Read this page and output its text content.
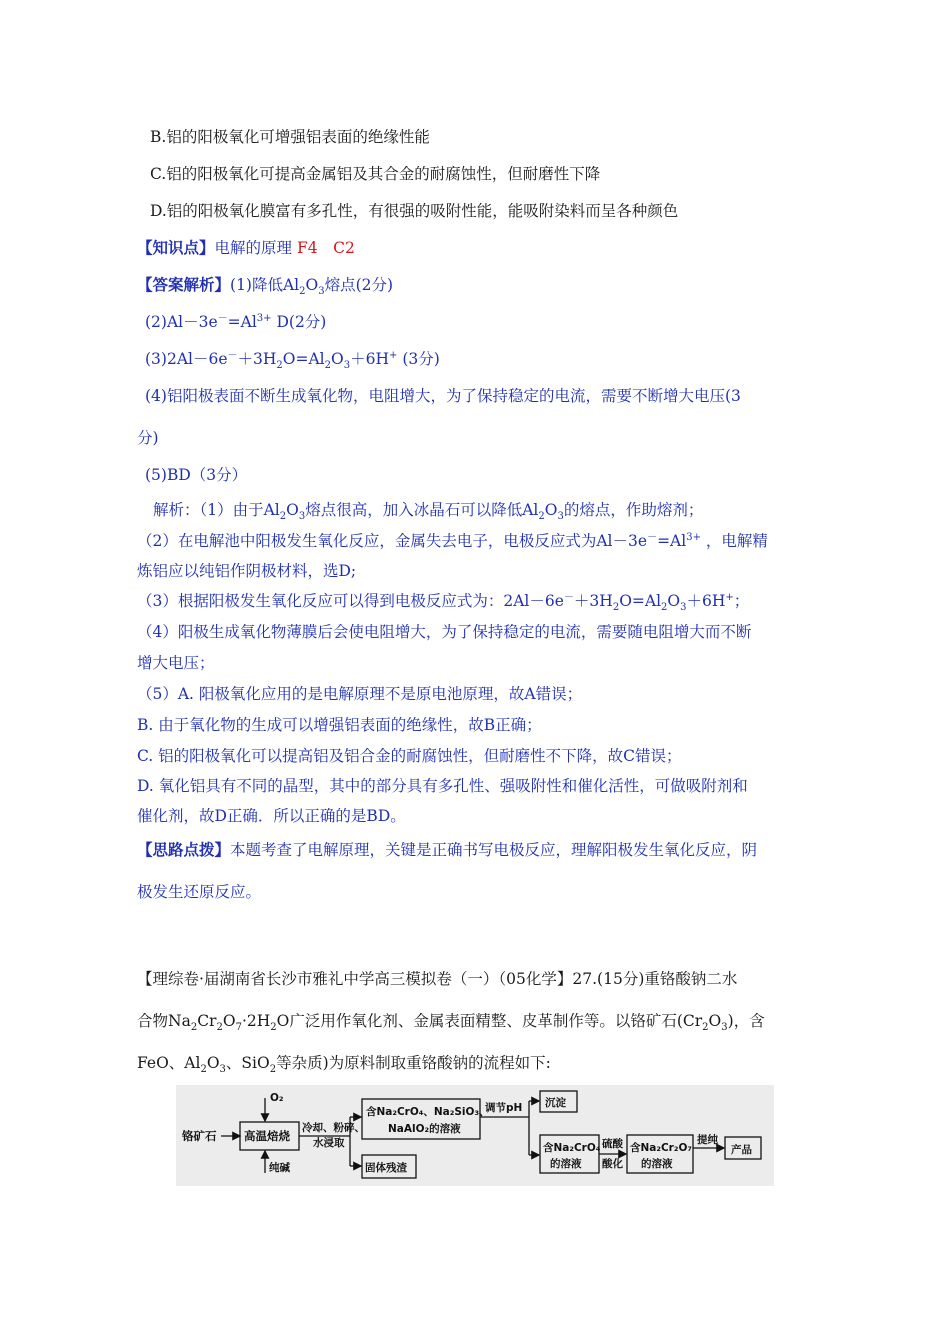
B.铝的阳极氧化可增强铝表面的绝缘性能
C.铝的阳极氧化可提高金属铝及其合金的耐腐蚀性，但耐磨性下降
D.铝的阳极氧化膜富有多孔性，有很强的吸附性能，能吸附染料而呈各种颜色
【知识点】电解的原理 F4　C2
【答案解析】(1)降低$Al_2O_3$熔点(2分)
$(2)Al-3e^-=Al^{3+}$ D(2分)
$(3)2Al-6e^-+3H_2O=Al_2O_3+6H^+$ (3分)
(4)铝阳极表面不断生成氧化物，电阻增大，为了保持稳定的电流，需要不断增大电压(3
分)
(5)BD（3分）
解析：（1）由于$Al_2O_3$熔点很高，加入冰晶石可以降低$Al_2O_3$的熔点，作助熔剂；
（2）在电解池中阳极发生氧化反应，金属失去电子，电极反应式为$Al-3e^-=Al^{3+}$ ，电解精
炼铝应以纯铝作阴极材料，选D;
（3）根据阳极发生氧化反应可以得到电极反应式为：$2Al-6e^-+3H_2O=Al_2O_3+6H^+$；
（4）阳极生成氧化物薄膜后会使电阻增大，为了保持稳定的电流，需要随电阻增大而不断
增大电压；
（5）A. 阳极氧化应用的是电解原理不是原电池原理，故A错误；
B. 由于氧化物的生成可以增强铝表面的绝缘性，故B正确；
C. 铝的阳极氧化可以提高铝及铝合金的耐腐蚀性，但耐磨性不下降，故C错误；
D. 氧化铝具有不同的晶型，其中的部分具有多孔性、强吸附性和催化活性，可做吸附剂和
催化剂，故D正确．所以正确的是BD。
【思路点拨】本题考查了电解原理，关键是正确书写电极反应，理解阳极发生氧化反应，阴
极发生还原反应。
【理综卷·届湖南省长沙市雅礼中学高三模拟卷（一）（05化学】27.(15分)重铬酸钠二水
合物$Na_2Cr_2O_7\cdot 2H_2O$广泛用作氧化剂、金属表面精整、皮革制作等。以铬矿石$(Cr_2O_3)$，含
FeO、$Al_2O_3$、SiO$_2$等杂质)为原料制取重铬酸钠的流程如下:
铬矿石
O₂
高温焙烧
纯碱
冷却、粉碎、
水浸取
含Na₂CrO₄、Na₂SiO₃、
NaAlO₂的溶液
固体残渣
调节pH 沉淀
含Na₂CrO₄
的溶液
硫酸
酸化
含Na₂Cr₂O₇
的溶液
提纯
产品
